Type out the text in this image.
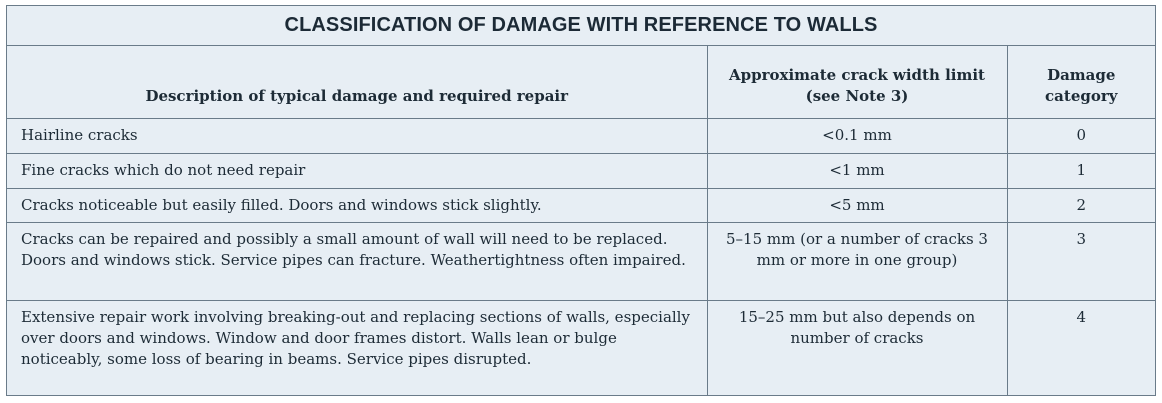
CLASSIFICATION OF DAMAGE WITH REFERENCE TO WALLS
Description of typical damage and required repair	Approximate crack width limit (see Note 3)	Damage category
Hairline cracks	<0.1 mm	0
Fine cracks which do not need repair	<1 mm	1
Cracks noticeable but easily filled. Doors and windows stick slightly.	<5 mm	2
Cracks can be repaired and possibly a small amount of wall will need to be replaced. Doors and windows stick. Service pipes can fracture. Weathertightness often impaired.	5–15 mm (or a number of cracks 3 mm or more in one group)	3
Extensive repair work involving breaking-out and replacing sections of walls, especially over doors and windows. Window and door frames distort. Walls lean or bulge noticeably, some loss of bearing in beams. Service pipes disrupted.	15–25 mm but also depends on number of cracks	4
